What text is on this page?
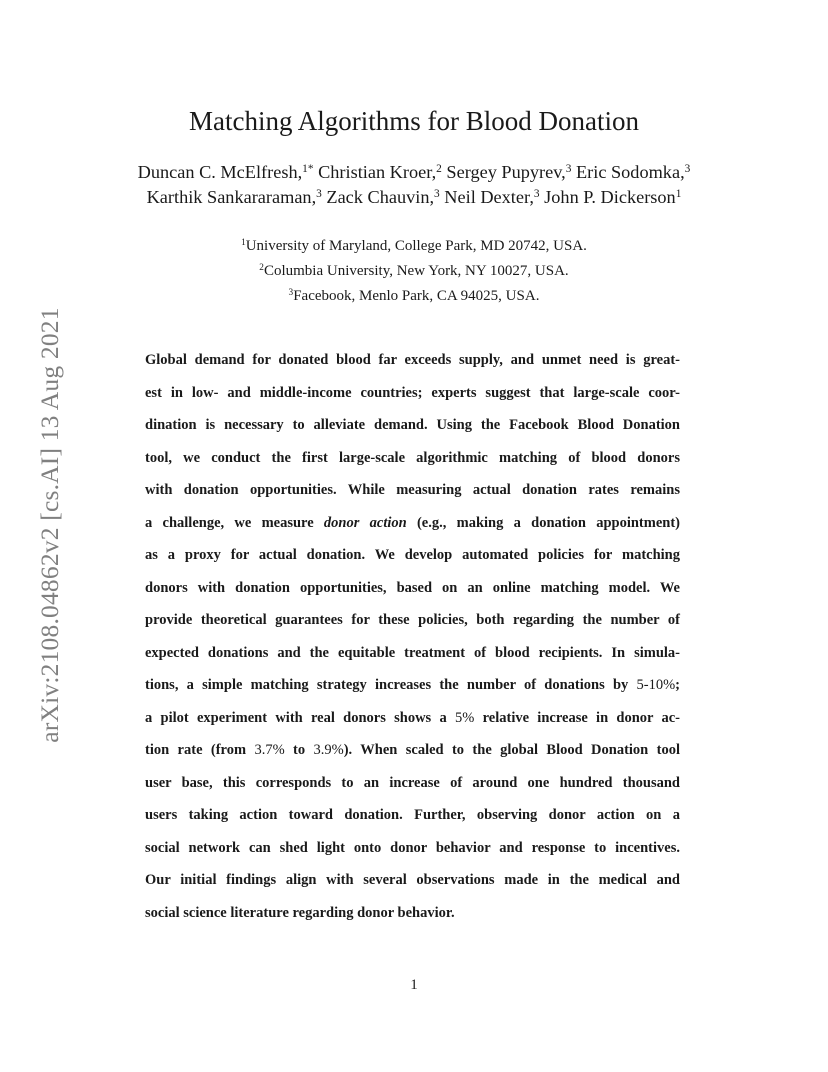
arXiv:2108.04862v2 [cs.AI] 13 Aug 2021
Matching Algorithms for Blood Donation
Duncan C. McElfresh,$^{1*}$ Christian Kroer,$^2$ Sergey Pupyrev,$^3$ Eric Sodomka,$^3$
Karthik Sankararaman,$^3$ Zack Chauvin,$^3$ Neil Dexter,$^3$ John P. Dickerson$^1$
$^1$University of Maryland, College Park, MD 20742, USA.
$^2$Columbia University, New York, NY 10027, USA.
$^3$Facebook, Menlo Park, CA 94025, USA.
Global demand for donated blood far exceeds supply, and unmet need is great-
est in low- and middle-income countries; experts suggest that large-scale coor-
dination is necessary to alleviate demand. Using the Facebook Blood Donation
tool, we conduct the first large-scale algorithmic matching of blood donors
with donation opportunities. While measuring actual donation rates remains
a challenge, we measure donor action (e.g., making a donation appointment)
as a proxy for actual donation. We develop automated policies for matching
donors with donation opportunities, based on an online matching model. We
provide theoretical guarantees for these policies, both regarding the number of
expected donations and the equitable treatment of blood recipients. In simula-
tions, a simple matching strategy increases the number of donations by 5-10%;
a pilot experiment with real donors shows a 5% relative increase in donor ac-
tion rate (from 3.7% to 3.9%). When scaled to the global Blood Donation tool
user base, this corresponds to an increase of around one hundred thousand
users taking action toward donation. Further, observing donor action on a
social network can shed light onto donor behavior and response to incentives.
Our initial findings align with several observations made in the medical and
social science literature regarding donor behavior.
1
